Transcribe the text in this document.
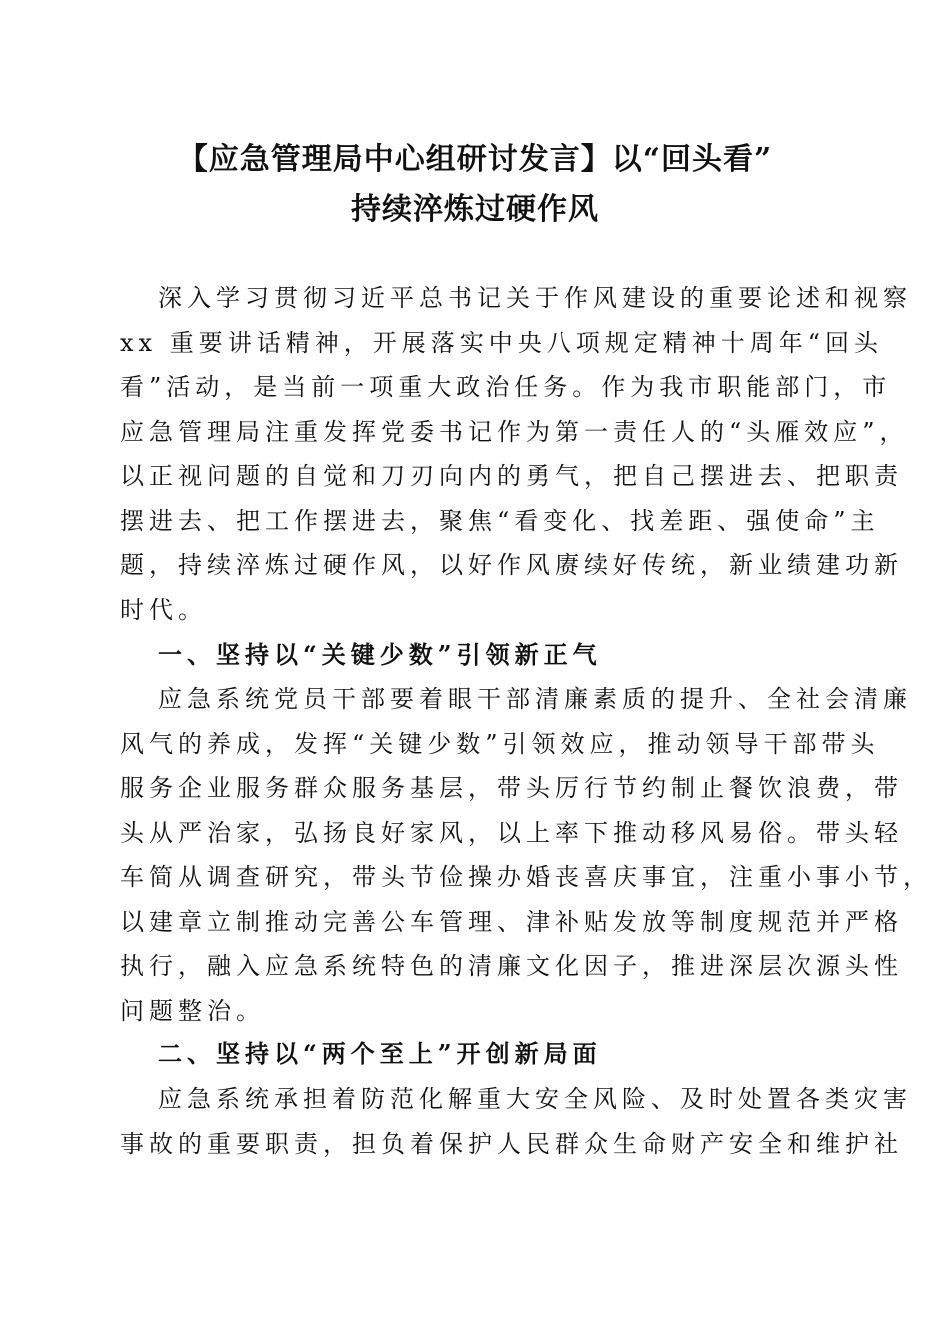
【应急管理局中心组研讨发言】以“回头看”
持续淬炼过硬作风
深入学习贯彻习近平总书记关于作风建设的重要论述和视察
xx 重要讲话精神，开展落实中央八项规定精神十周年“回头
看”活动，是当前一项重大政治任务。作为我市职能部门，市
应急管理局注重发挥党委书记作为第一责任人的“头雁效应”，
以正视问题的自觉和刀刃向内的勇气，把自己摆进去、把职责
摆进去、把工作摆进去，聚焦“看变化、找差距、强使命”主
题，持续淬炼过硬作风，以好作风赓续好传统，新业绩建功新
时代。
一、坚持以“关键少数”引领新正气
应急系统党员干部要着眼干部清廉素质的提升、全社会清廉
风气的养成，发挥“关键少数”引领效应，推动领导干部带头
服务企业服务群众服务基层，带头厉行节约制止餐饮浪费，带
头从严治家，弘扬良好家风，以上率下推动移风易俗。带头轻
车简从调查研究，带头节俭操办婚丧喜庆事宜，注重小事小节，
以建章立制推动完善公车管理、津补贴发放等制度规范并严格
执行，融入应急系统特色的清廉文化因子，推进深层次源头性
问题整治。
二、坚持以“两个至上”开创新局面
应急系统承担着防范化解重大安全风险、及时处置各类灾害
事故的重要职责，担负着保护人民群众生命财产安全和维护社
